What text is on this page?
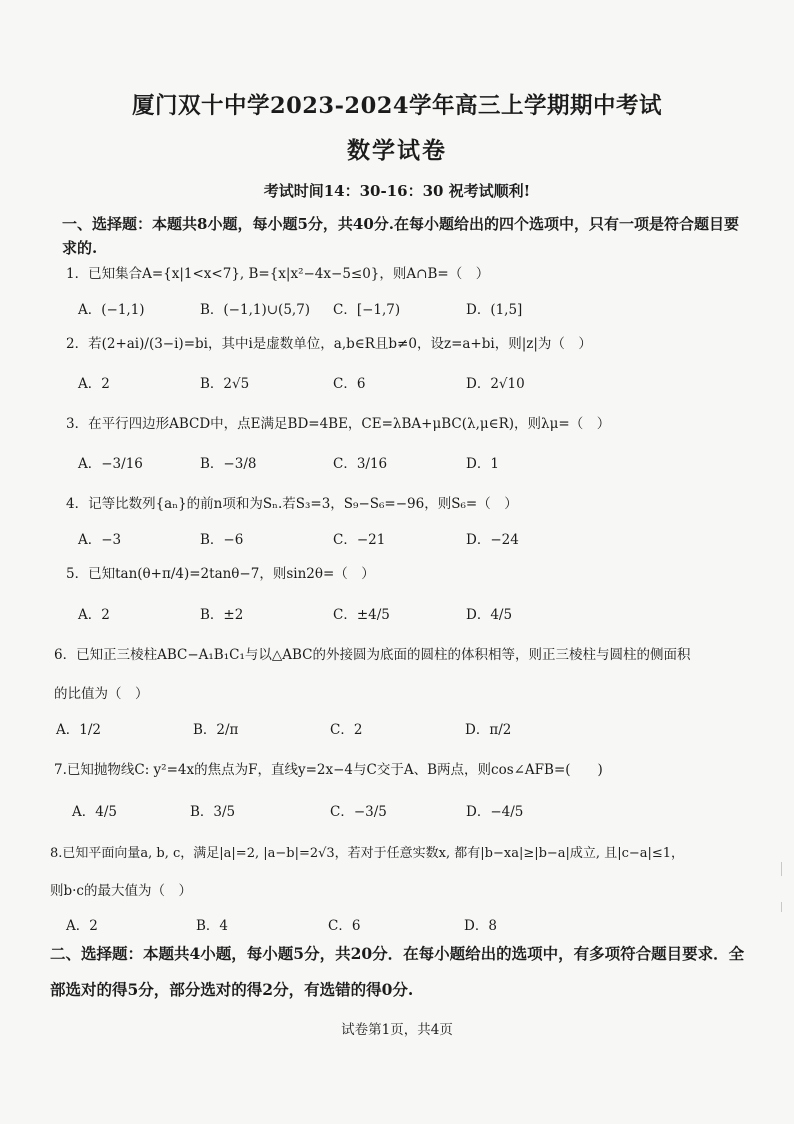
厦门双十中学2023-2024学年高三上学期期中考试
数学试卷
考试时间14：30-16：30 祝考试顺利!
一、选择题：本题共8小题，每小题5分，共40分.在每小题给出的四个选项中，只有一项是符合题目要求的.
1．已知集合A={x|1<x<7}, B={x|x²−4x−5≤0}，则A∩B=（　）
A．(−1,1)	B．(−1,1)∪(5,7) C．[−1,7)	D．(1,5]
2．若(2+ai)/(3−i)=bi，其中i是虚数单位，a,b∈R且b≠0，设z=a+bi，则|z|为（　）
A．2	B．2√5	C．6	D．2√10
3．在平行四边形ABCD中，点E满足BD=4BE，CE=λBA+μBC(λ,μ∈R)，则λμ=（　）
A．−3/16	B．−3/8	C．3/16	D．1
4．记等比数列{aₙ}的前n项和为Sₙ.若S₃=3，S₉−S₆=−96，则S₆=（　）
A．−3	B．−6	C．−21	D．−24
5．已知tan(θ+π/4)=2tanθ−7，则sin2θ=（　）
A．2	B．±2	C．±4/5	D．4/5
6．已知正三棱柱ABC−A₁B₁C₁与以△ABC的外接圆为底面的圆柱的体积相等，则正三棱柱与圆柱的侧面积
的比值为（　）
A．1/2	B．2/π	C．2	D．π/2
7.已知抛物线C: y²=4x的焦点为F，直线y=2x−4与C交于A、B两点，则cos∠AFB=(　　)
A．4/5	B．3/5	C．−3/5	D．−4/5
8.已知平面向量a, b, c，满足|a|=2, |a−b|=2√3，若对于任意实数x, 都有|b−xa|≥|b−a|成立, 且|c−a|≤1，
则b·c的最大值为（　）
A．2	B．4	C．6	D．8
二、选择题：本题共4小题，每小题5分，共20分．在每小题给出的选项中，有多项符合题目要求．全部选对的得5分，部分选对的得2分，有选错的得0分.
试卷第1页，共4页
